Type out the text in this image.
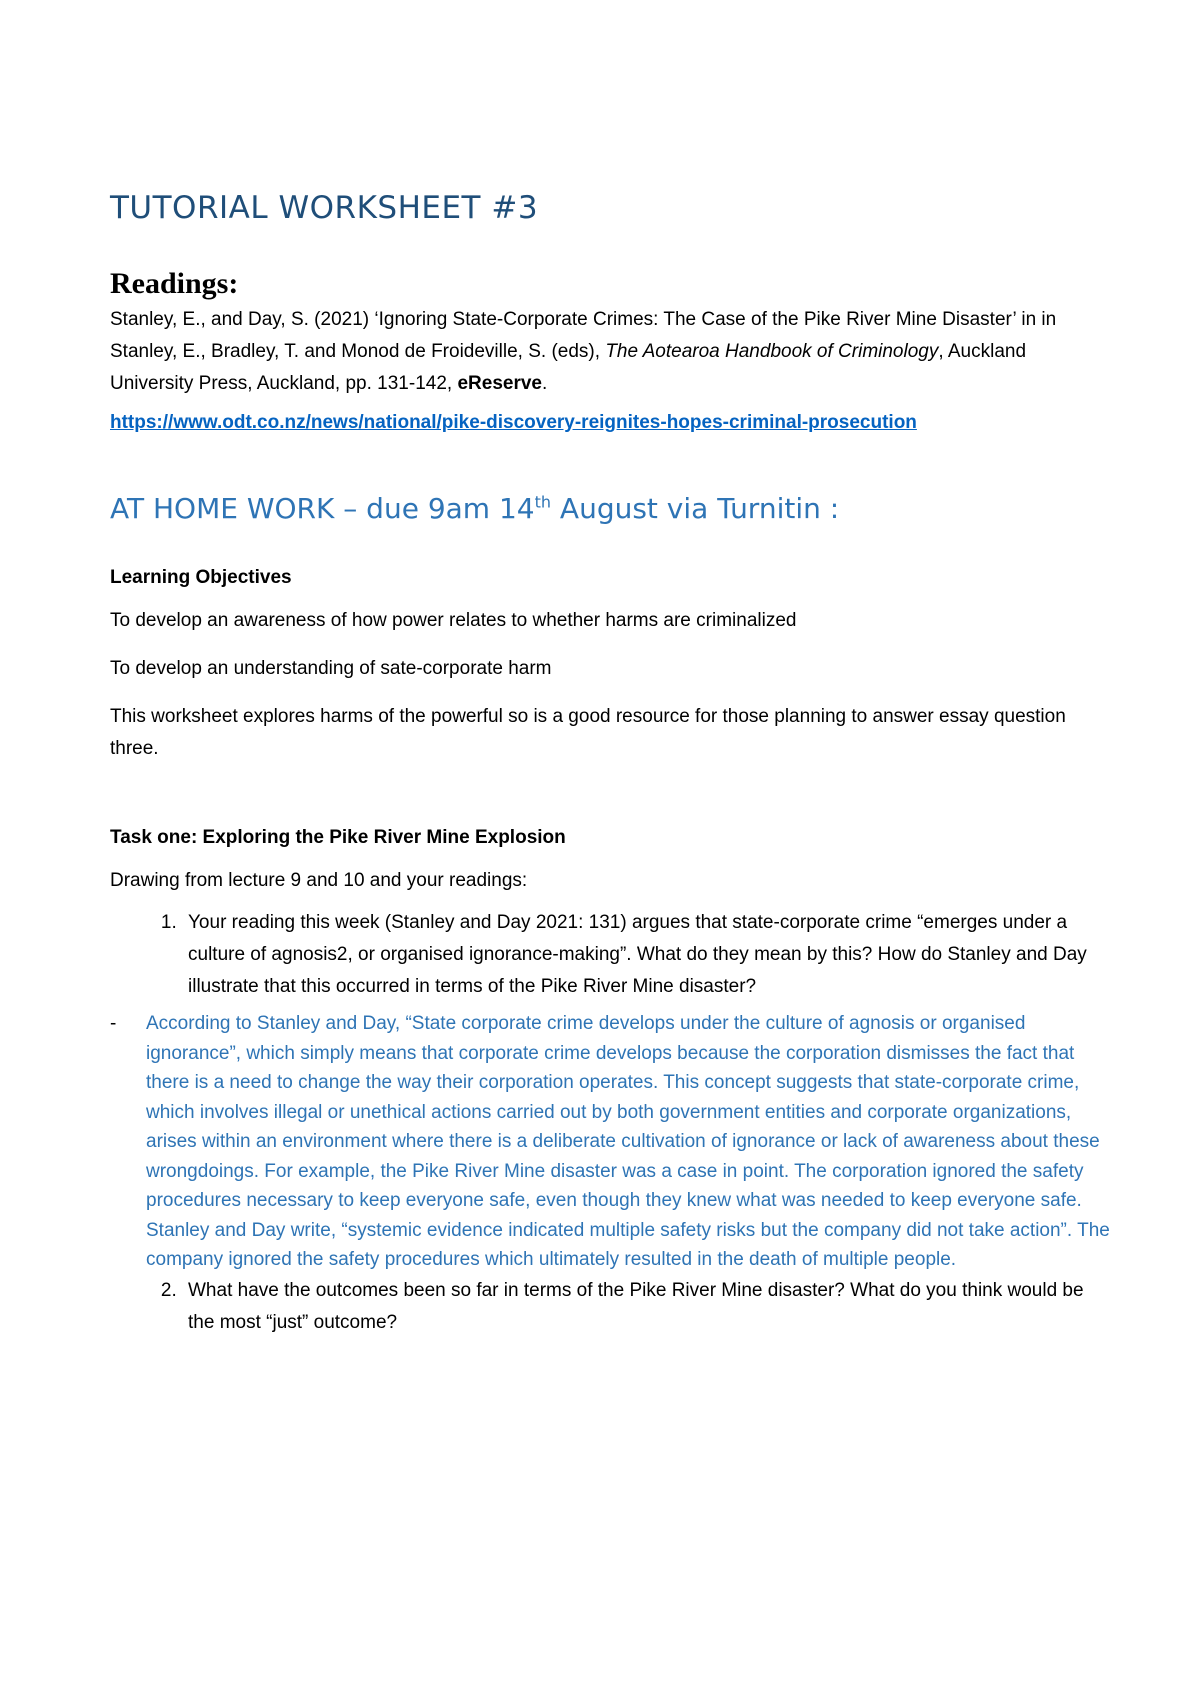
TUTORIAL WORKSHEET #3
Readings:
Stanley, E., and Day, S. (2021) ‘Ignoring State-Corporate Crimes: The Case of the Pike River Mine Disaster’ in in Stanley, E., Bradley, T. and Monod de Froideville, S. (eds), The Aotearoa Handbook of Criminology, Auckland University Press, Auckland, pp. 131-142, eReserve.
https://www.odt.co.nz/news/national/pike-discovery-reignites-hopes-criminal-prosecution
AT HOME WORK – due 9am 14th August via Turnitin :
Learning Objectives
To develop an awareness of how power relates to whether harms are criminalized
To develop an understanding of sate-corporate harm
This worksheet explores harms of the powerful so is a good resource for those planning to answer essay question three.
Task one: Exploring the Pike River Mine Explosion
Drawing from lecture 9 and 10 and your readings:
1. Your reading this week (Stanley and Day 2021: 131) argues that state-corporate crime “emerges under a culture of agnosis2, or organised ignorance-making”. What do they mean by this? How do Stanley and Day illustrate that this occurred in terms of the Pike River Mine disaster?
- According to Stanley and Day, “State corporate crime develops under the culture of agnosis or organised ignorance”, which simply means that corporate crime develops because the corporation dismisses the fact that there is a need to change the way their corporation operates. This concept suggests that state-corporate crime, which involves illegal or unethical actions carried out by both government entities and corporate organizations, arises within an environment where there is a deliberate cultivation of ignorance or lack of awareness about these wrongdoings. For example, the Pike River Mine disaster was a case in point. The corporation ignored the safety procedures necessary to keep everyone safe, even though they knew what was needed to keep everyone safe. Stanley and Day write, “systemic evidence indicated multiple safety risks but the company did not take action”. The company ignored the safety procedures which ultimately resulted in the death of multiple people.
2. What have the outcomes been so far in terms of the Pike River Mine disaster? What do you think would be the most “just” outcome?
